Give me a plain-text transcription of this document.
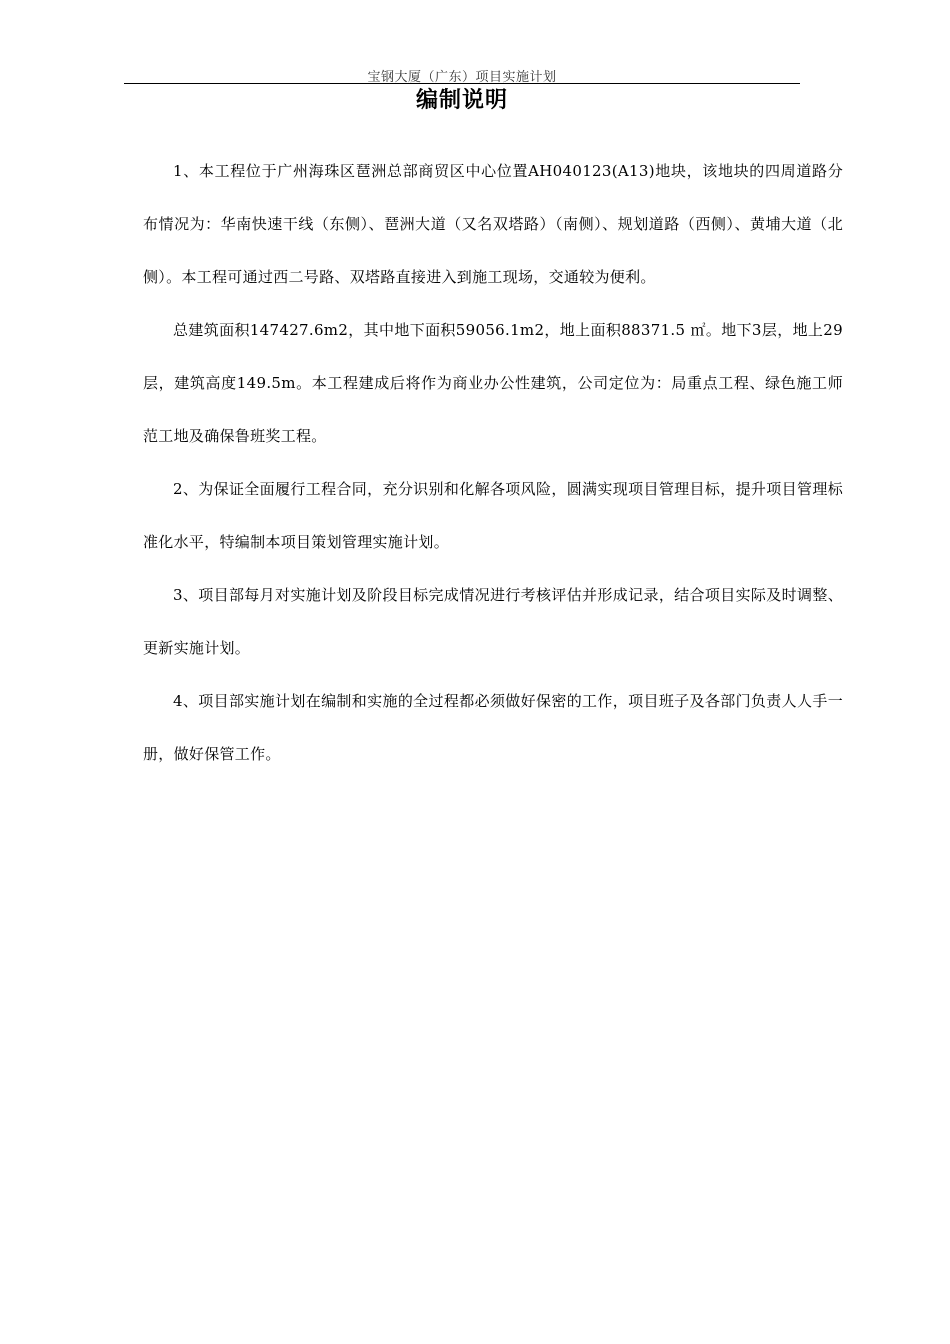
宝钢大厦（广东）项目实施计划
编制说明

1、本工程位于广州海珠区琶洲总部商贸区中心位置AH040123(A13)地块，该地块的四周道路分布情况为：华南快速干线（东侧）、琶洲大道（又名双塔路）（南侧）、规划道路（西侧）、黄埔大道（北侧）。本工程可通过西二号路、双塔路直接进入到施工现场，交通较为便利。

总建筑面积147427.6m2，其中地下面积59056.1m2，地上面积88371.5 ㎡。地下3层，地上29层，建筑高度149.5m。本工程建成后将作为商业办公性建筑，公司定位为：局重点工程、绿色施工师范工地及确保鲁班奖工程。

2、为保证全面履行工程合同，充分识别和化解各项风险，圆满实现项目管理目标，提升项目管理标准化水平，特编制本项目策划管理实施计划。

3、项目部每月对实施计划及阶段目标完成情况进行考核评估并形成记录，结合项目实际及时调整、更新实施计划。

4、项目部实施计划在编制和实施的全过程都必须做好保密的工作，项目班子及各部门负责人人手一册，做好保管工作。
